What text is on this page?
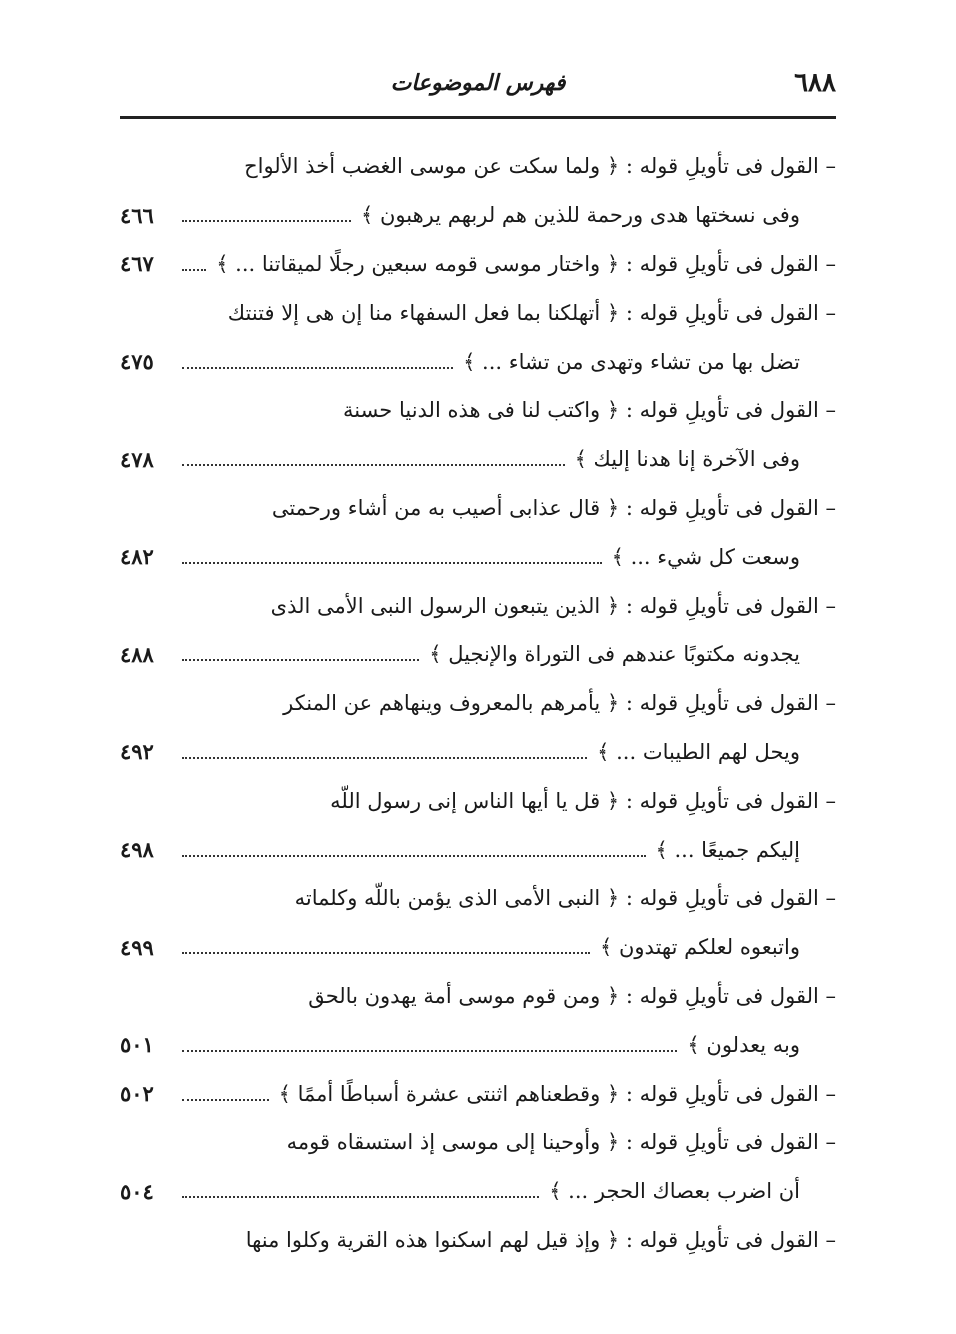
٦٨٨
فهرس الموضوعات
– القول فى تأويلِ قوله : ﴿ ولما سكت عن موسى الغضب أخذ الألواح
وفى نسختها هدى ورحمة للذين هم لربهم يرهبون ﴾
٤٦٦
– القول فى تأويلِ قوله : ﴿ واختار موسى قومه سبعين رجلًا لميقاتنا ... ﴾
٤٦٧
– القول فى تأويلِ قوله : ﴿ أتهلكنا بما فعل السفهاء منا إن هى إلا فتنتك
تضل بها من تشاء وتهدى من تشاء ... ﴾
٤٧٥
– القول فى تأويلِ قوله : ﴿ واكتب لنا فى هذه الدنيا حسنة
وفى الآخرة إنا هدنا إليك ﴾
٤٧٨
– القول فى تأويلِ قوله : ﴿ قال عذابى أصيب به من أشاء ورحمتى
وسعت كل شيء ... ﴾
٤٨٢
– القول فى تأويلِ قوله : ﴿ الذين يتبعون الرسول النبى الأمى الذى
يجدونه مكتوبًا عندهم فى التوراة والإنجيل ﴾
٤٨٨
– القول فى تأويلِ قوله : ﴿ يأمرهم بالمعروف وينهاهم عن المنكر
ويحل لهم الطيبات ... ﴾
٤٩٢
– القول فى تأويلِ قوله : ﴿ قل يا أيها الناس إنى رسول اللّه
إليكم جميعًا ... ﴾
٤٩٨
– القول فى تأويلِ قوله : ﴿ النبى الأمى الذى يؤمن باللّه وكلماته
واتبعوه لعلكم تهتدون ﴾
٤٩٩
– القول فى تأويلِ قوله : ﴿ ومن قوم موسى أمة يهدون بالحق
وبه يعدلون ﴾
٥٠١
– القول فى تأويلِ قوله : ﴿ وقطعناهم اثنتى عشرة أسباطًا أممًا ﴾
٥٠٢
– القول فى تأويلِ قوله : ﴿ وأوحينا إلى موسى إذ استسقاه قومه
أن اضرب بعصاك الحجر ... ﴾
٥٠٤
– القول فى تأويلِ قوله : ﴿ وإذ قيل لهم اسكنوا هذه القرية وكلوا منها
